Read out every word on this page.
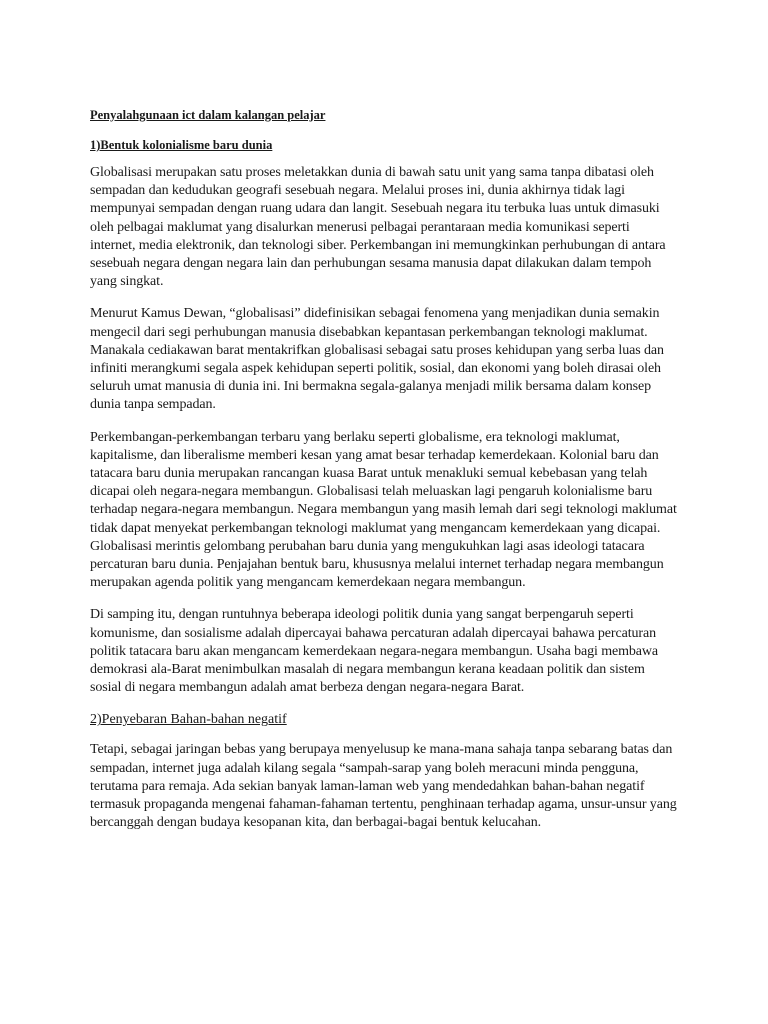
Penyalahgunaan ict dalam kalangan pelajar
1)Bentuk kolonialisme baru dunia

Globalisasi merupakan satu proses meletakkan dunia di bawah satu unit yang sama tanpa dibatasi oleh sempadan dan kedudukan geografi sesebuah negara. Melalui proses ini, dunia akhirnya tidak lagi mempunyai sempadan dengan ruang udara dan langit. Sesebuah negara itu terbuka luas untuk dimasuki oleh pelbagai maklumat yang disalurkan menerusi pelbagai perantaraan media komunikasi seperti internet, media elektronik, dan teknologi siber. Perkembangan ini memungkinkan perhubungan di antara sesebuah negara dengan negara lain dan perhubungan sesama manusia dapat dilakukan dalam tempoh yang singkat.

Menurut Kamus Dewan, “globalisasi” didefinisikan sebagai fenomena yang menjadikan dunia semakin mengecil dari segi perhubungan manusia disebabkan kepantasan perkembangan teknologi maklumat. Manakala cediakawan barat mentakrifkan globalisasi sebagai satu proses kehidupan yang serba luas dan infiniti merangkumi segala aspek kehidupan seperti politik, sosial, dan ekonomi yang boleh dirasai oleh seluruh umat manusia di dunia ini. Ini bermakna segala-galanya menjadi milik bersama dalam konsep dunia tanpa sempadan.

Perkembangan-perkembangan terbaru yang berlaku seperti globalisme, era teknologi maklumat, kapitalisme, dan liberalisme memberi kesan yang amat besar terhadap kemerdekaan. Kolonial baru dan tatacara baru dunia merupakan rancangan kuasa Barat untuk menakluki semual kebebasan yang telah dicapai oleh negara-negara membangun. Globalisasi telah meluaskan lagi pengaruh kolonialisme baru terhadap negara-negara membangun. Negara membangun yang masih lemah dari segi teknologi maklumat tidak dapat menyekat perkembangan teknologi maklumat yang mengancam kemerdekaan yang dicapai. Globalisasi merintis gelombang perubahan baru dunia yang mengukuhkan lagi asas ideologi tatacara percaturan baru dunia. Penjajahan bentuk baru, khususnya melalui internet terhadap negara membangun merupakan agenda politik yang mengancam kemerdekaan negara membangun.

Di samping itu, dengan runtuhnya beberapa ideologi politik dunia yang sangat berpengaruh seperti komunisme, dan sosialisme adalah dipercayai bahawa percaturan adalah dipercayai bahawa percaturan politik tatacara baru akan mengancam kemerdekaan negara-negara membangun. Usaha bagi membawa demokrasi ala-Barat menimbulkan masalah di negara membangun kerana keadaan politik dan sistem sosial di negara membangun adalah amat berbeza dengan negara-negara Barat.

2)Penyebaran Bahan-bahan negatif

Tetapi, sebagai jaringan bebas yang berupaya menyelusup ke mana-mana sahaja tanpa sebarang batas dan sempadan, internet juga adalah kilang segala “sampah-sarap yang boleh meracuni minda pengguna, terutama para remaja. Ada sekian banyak laman-laman web yang mendedahkan bahan-bahan negatif termasuk propaganda mengenai fahaman-fahaman tertentu, penghinaan terhadap agama, unsur-unsur yang bercanggah dengan budaya kesopanan kita, dan berbagai-bagai bentuk kelucahan.
